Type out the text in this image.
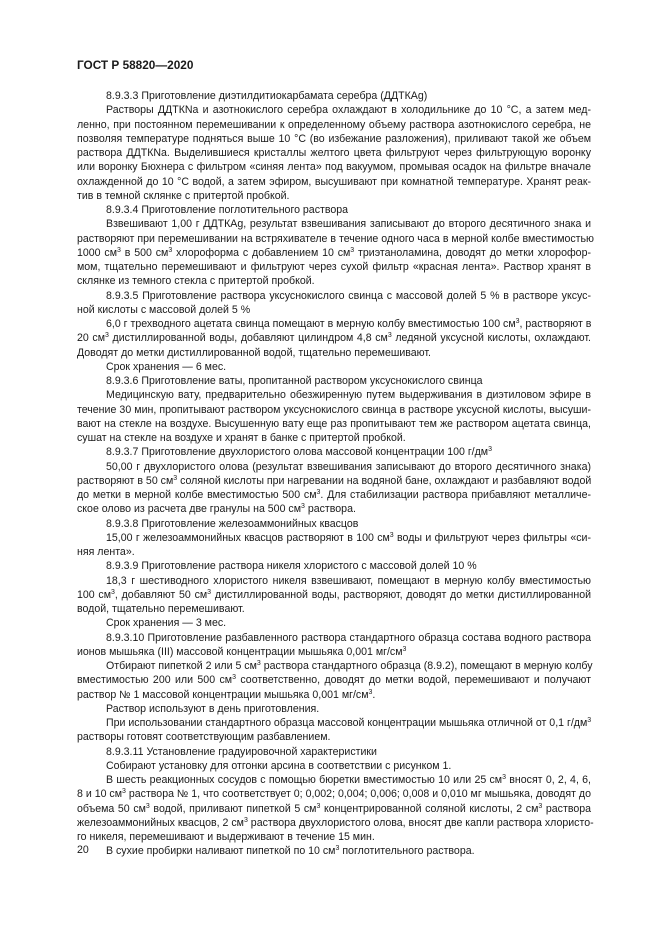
ГОСТ Р 58820—2020
8.9.3.3 Приготовление диэтилдитиокарбамата серебра (ДДТКАg)
Растворы ДДТКNa и азотнокислого серебра охлаждают в холодильнике до 10 °С, а затем мед-
ленно, при постоянном перемешивании к определенному объему раствора азотнокислого серебра, не
позволяя температуре подняться выше 10 °С (во избежание разложения), приливают такой же объем
раствора ДДТКNa. Выделившиеся кристаллы желтого цвета фильтруют через фильтрующую воронку
или воронку Бюхнера с фильтром «синяя лента» под вакуумом, промывая осадок на фильтре вначале
охлажденной до 10 °С водой, а затем эфиром, высушивают при комнатной температуре. Хранят реак-
тив в темной склянке с притертой пробкой.
8.9.3.4 Приготовление поглотительного раствора
Взвешивают 1,00 г ДДТКАg, результат взвешивания записывают до второго десятичного знака и
растворяют при перемешивании на встряхивателе в течение одного часа в мерной колбе вместимостью
1000 $см^3$ в 500 $см^3$ хлороформа с добавлением 10 $см^3$ триэтаноламина, доводят до метки хлорофор-
мом, тщательно перемешивают и фильтруют через сухой фильтр «красная лента». Раствор хранят в
склянке из темного стекла с притертой пробкой.
8.9.3.5 Приготовление раствора уксуснокислого свинца с массовой долей 5 % в растворе уксус-
ной кислоты с массовой долей 5 %
6,0 г трехводного ацетата свинца помещают в мерную колбу вместимостью 100 $см^3$, растворяют в
20 $см^3$ дистиллированной воды, добавляют цилиндром 4,8 $см^3$ ледяной уксусной кислоты, охлаждают.
Доводят до метки дистиллированной водой, тщательно перемешивают.
Срок хранения — 6 мес.
8.9.3.6 Приготовление ваты, пропитанной раствором уксуснокислого свинца
Медицинскую вату, предварительно обезжиренную путем выдерживания в диэтиловом эфире в
течение 30 мин, пропитывают раствором уксуснокислого свинца в растворе уксусной кислоты, высуши-
вают на стекле на воздухе. Высушенную вату еще раз пропитывают тем же раствором ацетата свинца,
сушат на стекле на воздухе и хранят в банке с притертой пробкой.
8.9.3.7 Приготовление двухлористого олова массовой концентрации 100 $г/дм^3$
50,00 г двухлористого олова (результат взвешивания записывают до второго десятичного знака)
растворяют в 50 $см^3$ соляной кислоты при нагревании на водяной бане, охлаждают и разбавляют водой
до метки в мерной колбе вместимостью 500 $см^3$. Для стабилизации раствора прибавляют металличе-
ское олово из расчета две гранулы на 500 $см^3$ раствора.
8.9.3.8 Приготовление железоаммонийных квасцов
15,00 г железоаммонийных квасцов растворяют в 100 $см^3$ воды и фильтруют через фильтры «си-
няя лента».
8.9.3.9 Приготовление раствора никеля хлористого с массовой долей 10 %
18,3 г шестиводного хлористого никеля взвешивают, помещают в мерную колбу вместимостью
100 $см^3$, добавляют 50 $см^3$ дистиллированной воды, растворяют, доводят до метки дистиллированной
водой, тщательно перемешивают.
Срок хранения — 3 мес.
8.9.3.10 Приготовление разбавленного раствора стандартного образца состава водного раствора
ионов мышьяка (III) массовой концентрации мышьяка 0,001 $мг/см^3$
Отбирают пипеткой 2 или 5 $см^3$ раствора стандартного образца (8.9.2), помещают в мерную колбу
вместимостью 200 или 500 $см^3$ соответственно, доводят до метки водой, перемешивают и получают
раствор № 1 массовой концентрации мышьяка 0,001 $мг/см^3$.
Раствор используют в день приготовления.
При использовании стандартного образца массовой концентрации мышьяка отличной от 0,1 $г/дм^3$
растворы готовят соответствующим разбавлением.
8.9.3.11 Установление градуировочной характеристики
Собирают установку для отгонки арсина в соответствии с рисунком 1.
В шесть реакционных сосудов с помощью бюретки вместимостью 10 или 25 $см^3$ вносят 0, 2, 4, 6,
8 и 10 $см^3$ раствора № 1, что соответствует 0; 0,002; 0,004; 0,006; 0,008 и 0,010 мг мышьяка, доводят до
объема 50 $см^3$ водой, приливают пипеткой 5 $см^3$ концентрированной соляной кислоты, 2 $см^3$ раствора
железоаммонийных квасцов, 2 $см^3$ раствора двухлористого олова, вносят две капли раствора хлористо-
го никеля, перемешивают и выдерживают в течение 15 мин.
В сухие пробирки наливают пипеткой по 10 $см^3$ поглотительного раствора.
20
